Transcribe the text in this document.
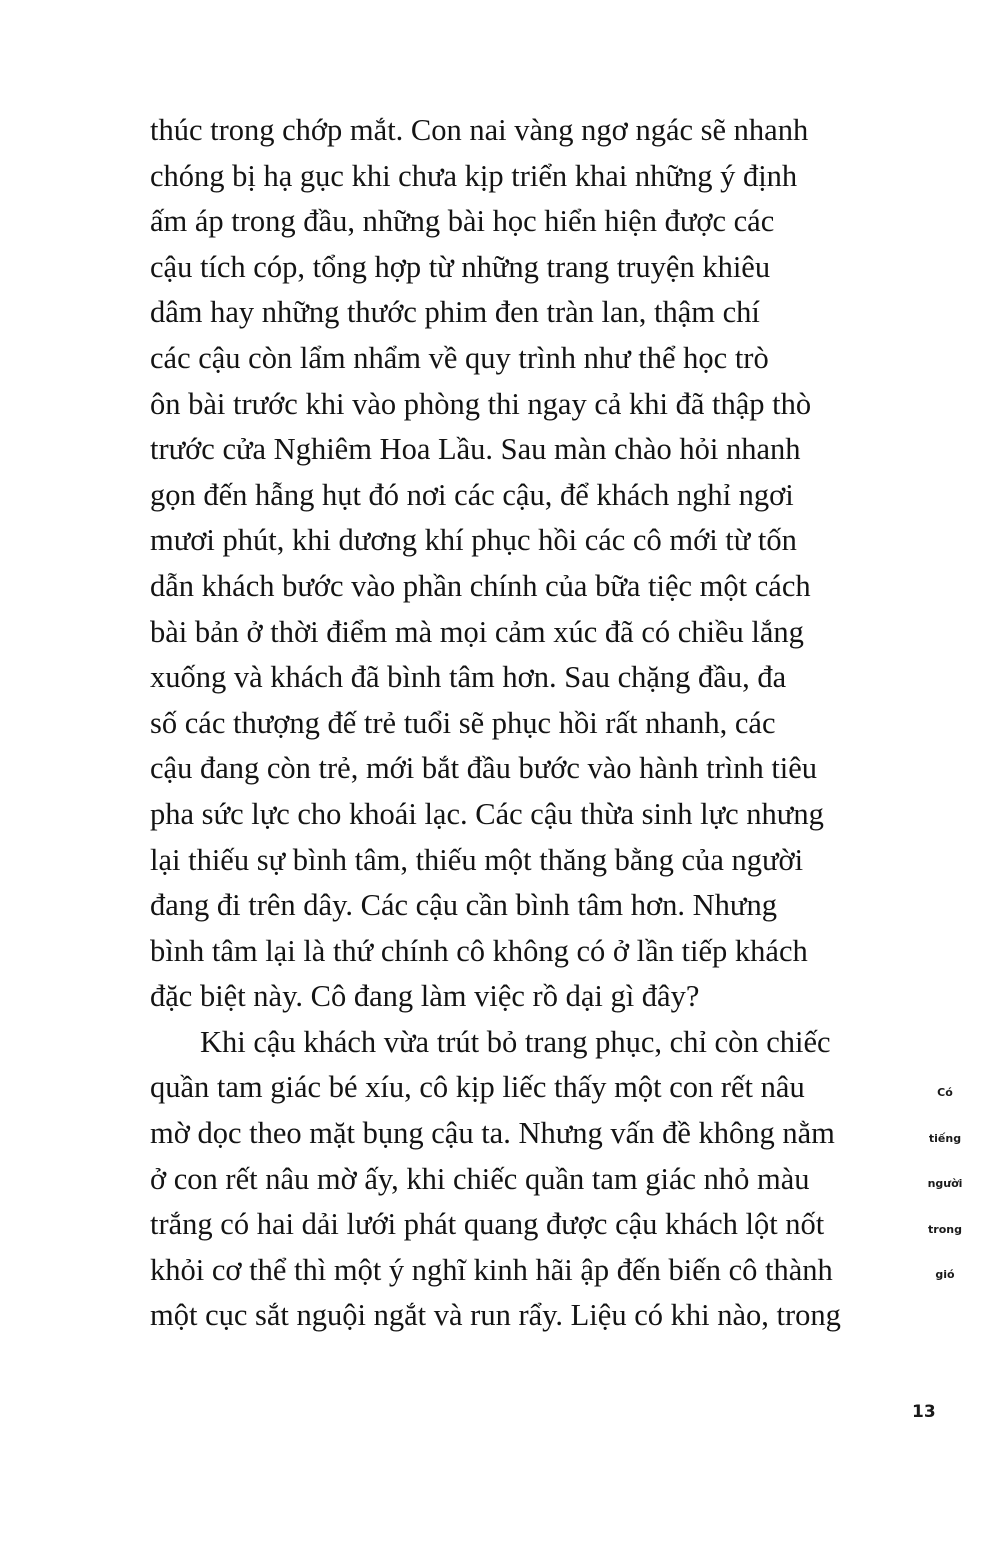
thúc trong chớp mắt. Con nai vàng ngơ ngác sẽ nhanh
chóng bị hạ gục khi chưa kịp triển khai những ý định
ấm áp trong đầu, những bài học hiển hiện được các
cậu tích cóp, tổng hợp từ những trang truyện khiêu
dâm hay những thước phim đen tràn lan, thậm chí
các cậu còn lẩm nhẩm về quy trình như thể học trò
ôn bài trước khi vào phòng thi ngay cả khi đã thập thò
trước cửa Nghiêm Hoa Lầu. Sau màn chào hỏi nhanh
gọn đến hẫng hụt đó nơi các cậu, để khách nghỉ ngơi
mươi phút, khi dương khí phục hồi các cô mới từ tốn
dẫn khách bước vào phần chính của bữa tiệc một cách
bài bản ở thời điểm mà mọi cảm xúc đã có chiều lắng
xuống và khách đã bình tâm hơn. Sau chặng đầu, đa
số các thượng đế trẻ tuổi sẽ phục hồi rất nhanh, các
cậu đang còn trẻ, mới bắt đầu bước vào hành trình tiêu
pha sức lực cho khoái lạc. Các cậu thừa sinh lực nhưng
lại thiếu sự bình tâm, thiếu một thăng bằng của người
đang đi trên dây. Các cậu cần bình tâm hơn. Nhưng
bình tâm lại là thứ chính cô không có ở lần tiếp khách
đặc biệt này. Cô đang làm việc rồ dại gì đây?
Khi cậu khách vừa trút bỏ trang phục, chỉ còn chiếc
quần tam giác bé xíu, cô kịp liếc thấy một con rết nâu
mờ dọc theo mặt bụng cậu ta. Nhưng vấn đề không nằm
ở con rết nâu mờ ấy, khi chiếc quần tam giác nhỏ màu
trắng có hai dải lưới phát quang được cậu khách lột nốt
khỏi cơ thể thì một ý nghĩ kinh hãi ập đến biến cô thành
một cục sắt nguội ngắt và run rẩy. Liệu có khi nào, trong
Có
tiếng
người
trong
gió
13
